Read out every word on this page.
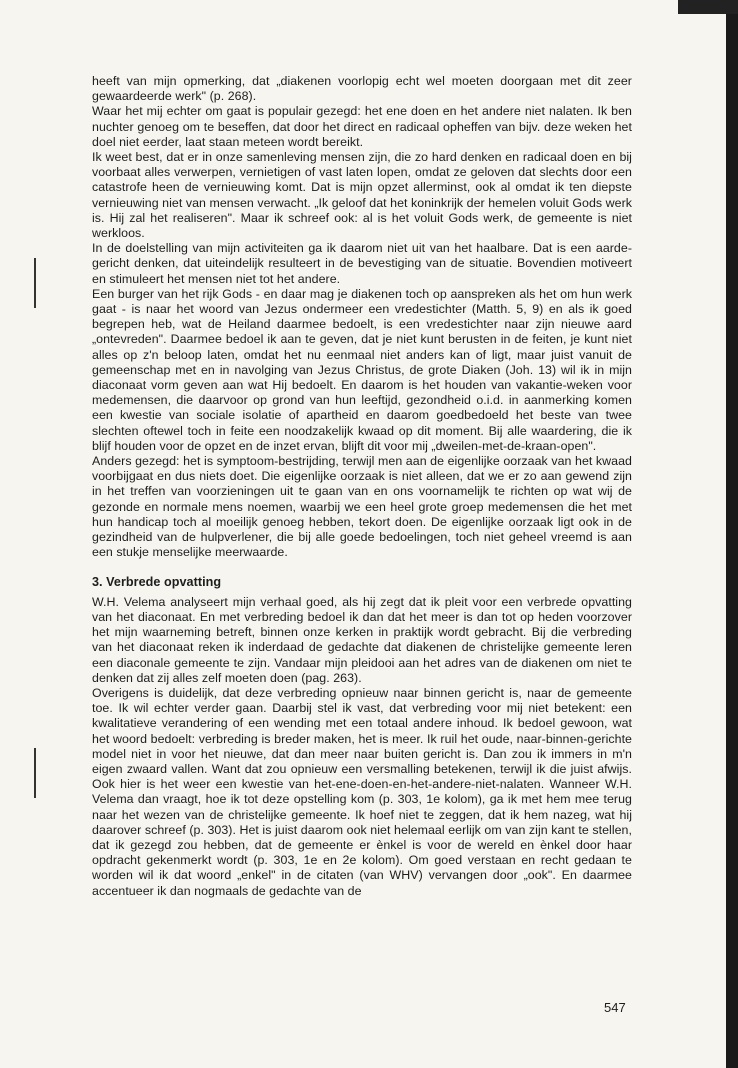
heeft van mijn opmerking, dat „diakenen voorlopig echt wel moeten doorgaan met dit zeer gewaardeerde werk" (p. 268).

Waar het mij echter om gaat is populair gezegd: het ene doen en het andere niet nalaten. Ik ben nuchter genoeg om te beseffen, dat door het direct en radicaal opheffen van bijv. deze weken het doel niet eerder, laat staan meteen wordt bereikt.

Ik weet best, dat er in onze samenleving mensen zijn, die zo hard denken en radicaal doen en bij voorbaat alles verwerpen, vernietigen of vast laten lopen, omdat ze geloven dat slechts door een catastrofe heen de vernieuwing komt. Dat is mijn opzet allerminst, ook al omdat ik ten diepste vernieuwing niet van mensen verwacht. „Ik geloof dat het koninkrijk der hemelen voluit Gods werk is. Hij zal het realiseren". Maar ik schreef ook: al is het voluit Gods werk, de gemeente is niet werkloos.

In de doelstelling van mijn activiteiten ga ik daarom niet uit van het haalbare. Dat is een aarde-gericht denken, dat uiteindelijk resulteert in de bevestiging van de situatie. Bovendien motiveert en stimuleert het mensen niet tot het andere.

Een burger van het rijk Gods - en daar mag je diakenen toch op aanspreken als het om hun werk gaat - is naar het woord van Jezus ondermeer een vredestichter (Matth. 5, 9) en als ik goed begrepen heb, wat de Heiland daarmee bedoelt, is een vredestichter naar zijn nieuwe aard „ontevreden". Daarmee bedoel ik aan te geven, dat je niet kunt berusten in de feiten, je kunt niet alles op z'n beloop laten, omdat het nu eenmaal niet anders kan of ligt, maar juist vanuit de gemeenschap met en in navolging van Jezus Christus, de grote Diaken (Joh. 13) wil ik in mijn diaconaat vorm geven aan wat Hij bedoelt. En daarom is het houden van vakantie-weken voor medemensen, die daarvoor op grond van hun leeftijd, gezondheid o.i.d. in aanmerking komen een kwestie van sociale isolatie of apartheid en daarom goedbedoeld het beste van twee slechten oftewel toch in feite een noodzakelijk kwaad op dit moment. Bij alle waardering, die ik blijf houden voor de opzet en de inzet ervan, blijft dit voor mij „dweilen-met-de-kraan-open".

Anders gezegd: het is symptoom-bestrijding, terwijl men aan de eigenlijke oorzaak van het kwaad voorbijgaat en dus niets doet. Die eigenlijke oorzaak is niet alleen, dat we er zo aan gewend zijn in het treffen van voorzieningen uit te gaan van en ons voornamelijk te richten op wat wij de gezonde en normale mens noemen, waarbij we een heel grote groep medemensen die het met hun handicap toch al moeilijk genoeg hebben, tekort doen. De eigenlijke oorzaak ligt ook in de gezindheid van de hulpverlener, die bij alle goede bedoelingen, toch niet geheel vreemd is aan een stukje menselijke meerwaarde.

3. Verbrede opvatting

W.H. Velema analyseert mijn verhaal goed, als hij zegt dat ik pleit voor een verbrede opvatting van het diaconaat. En met verbreding bedoel ik dan dat het meer is dan tot op heden voorzover het mijn waarneming betreft, binnen onze kerken in praktijk wordt gebracht. Bij die verbreding van het diaconaat reken ik inderdaad de gedachte dat diakenen de christelijke gemeente leren een diaconale gemeente te zijn. Vandaar mijn pleidooi aan het adres van de diakenen om niet te denken dat zij alles zelf moeten doen (pag. 263).

Overigens is duidelijk, dat deze verbreding opnieuw naar binnen gericht is, naar de gemeente toe. Ik wil echter verder gaan. Daarbij stel ik vast, dat verbreding voor mij niet betekent: een kwalitatieve verandering of een wending met een totaal andere inhoud. Ik bedoel gewoon, wat het woord bedoelt: verbreding is breder maken, het is meer. Ik ruil het oude, naar-binnen-gerichte model niet in voor het nieuwe, dat dan meer naar buiten gericht is. Dan zou ik immers in m'n eigen zwaard vallen. Want dat zou opnieuw een versmalling betekenen, terwijl ik die juist afwijs. Ook hier is het weer een kwestie van het-ene-doen-en-het-andere-niet-nalaten. Wanneer W.H. Velema dan vraagt, hoe ik tot deze opstelling kom (p. 303, 1e kolom), ga ik met hem mee terug naar het wezen van de christelijke gemeente. Ik hoef niet te zeggen, dat ik hem nazeg, wat hij daarover schreef (p. 303). Het is juist daarom ook niet helemaal eerlijk om van zijn kant te stellen, dat ik gezegd zou hebben, dat de gemeente er ènkel is voor de wereld en ènkel door haar opdracht gekenmerkt wordt (p. 303, 1e en 2e kolom). Om goed verstaan en recht gedaan te worden wil ik dat woord „enkel" in de citaten (van WHV) vervangen door „ook". En daarmee accentueer ik dan nogmaals de gedachte van de

547
